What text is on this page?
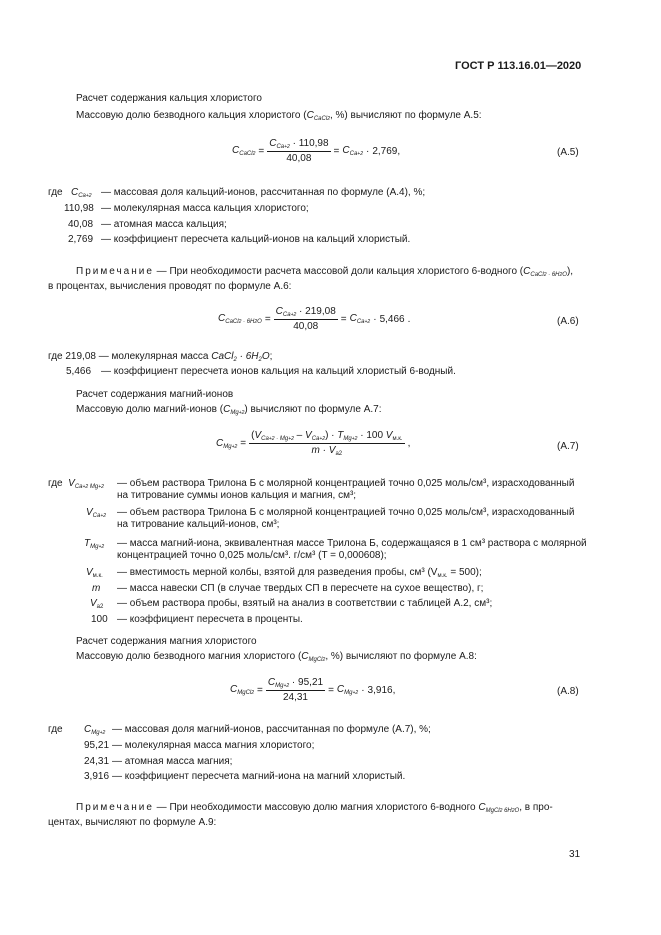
ГОСТ Р 113.16.01—2020
Расчет содержания кальция хлористого
Массовую долю безводного кальция хлористого ($C_{CaCl2}$, %) вычисляют по формуле А.5:
$C_{CaCl2} = \frac{C_{Ca+2} \cdot 110,98}{40,08} = C_{Ca+2} \cdot 2,769$,	(А.5)
где $C_{Ca+2}$ — массовая доля кальций-ионов, рассчитанная по формуле (А.4), %;
110,98 — молекулярная масса кальция хлористого;
40,08 — атомная масса кальция;
2,769 — коэффициент пересчета кальций-ионов на кальций хлористый.
Примечание — При необходимости расчета массовой доли кальция хлористого 6-водного $(C_{CaCl2 \cdot 6H2O})$,
в процентах, вычисления проводят по формуле А.6:
$C_{CaCl2 \cdot 6H2O} = \frac{C_{Ca+2} \cdot 219,08}{40,08} = C_{Ca+2} \cdot 5,466$ .	(А.6)
где 219,08 — молекулярная масса CaCl$_2$ · $6H_2O$;
5,466 — коэффициент пересчета ионов кальция на кальций хлористый 6-водный.
Расчет содержания магний-ионов
Массовую долю магний-ионов $(C_{Mg+2})$ вычисляют по формуле А.7:
$C_{Mg+2} = \frac{(V_{Ca+2 \cdot Mg+2} - V_{Ca+2}) \cdot T_{Mg+2} \cdot 100 V_{м.к.}}{m \cdot V_{a2}}$ ,	(А.7)
где $V_{Ca+2 Mg+2}$ — объем раствора Трилона Б с молярной концентрацией точно 0,025 моль/см³, израсходованный на титрование суммы ионов кальция и магния, см³;
$V_{Ca+2}$ — объем раствора Трилона Б с молярной концентрацией точно 0,025 моль/см³, израсходованный на титрование кальций-ионов, см³;
$T_{Mg+2}$ — масса магний-иона, эквивалентная массе Трилона Б, содержащаяся в 1 см³ раствора с молярной концентрацией точно 0,025 моль/см³. г/см³ (T = 0,000608);
$V_{м.к.}$ — вместимость мерной колбы, взятой для разведения пробы, см³ $(V_{м.к.} = 500)$;
m — масса навески СП (в случае твердых СП в пересчете на сухое вещество), г;
$V_{a2}$ — объем раствора пробы, взятый на анализ в соответствии с таблицей А.2, см³;
100 — коэффициент пересчета в проценты.
Расчет содержания магния хлористого
Массовую долю безводного магния хлористого ($C_{MgCl2}$, %) вычисляют по формуле А.8:
$C_{MgCl2} = \frac{C_{Mg+2} \cdot 95,21}{24,31} = C_{Mg+2} \cdot 3,916$,	(А.8)
где $C_{Mg+2}$ — массовая доля магний-ионов, рассчитанная по формуле (А.7), %;
95,21 — молекулярная масса магния хлористого;
24,31 — атомная масса магния;
3,916 — коэффициент пересчета магний-иона на магний хлористый.
Примечание — При необходимости массовую долю магния хлористого 6-водного $C_{MgCl2 6H2O}$, в про-
центах, вычисляют по формуле А.9:
31
